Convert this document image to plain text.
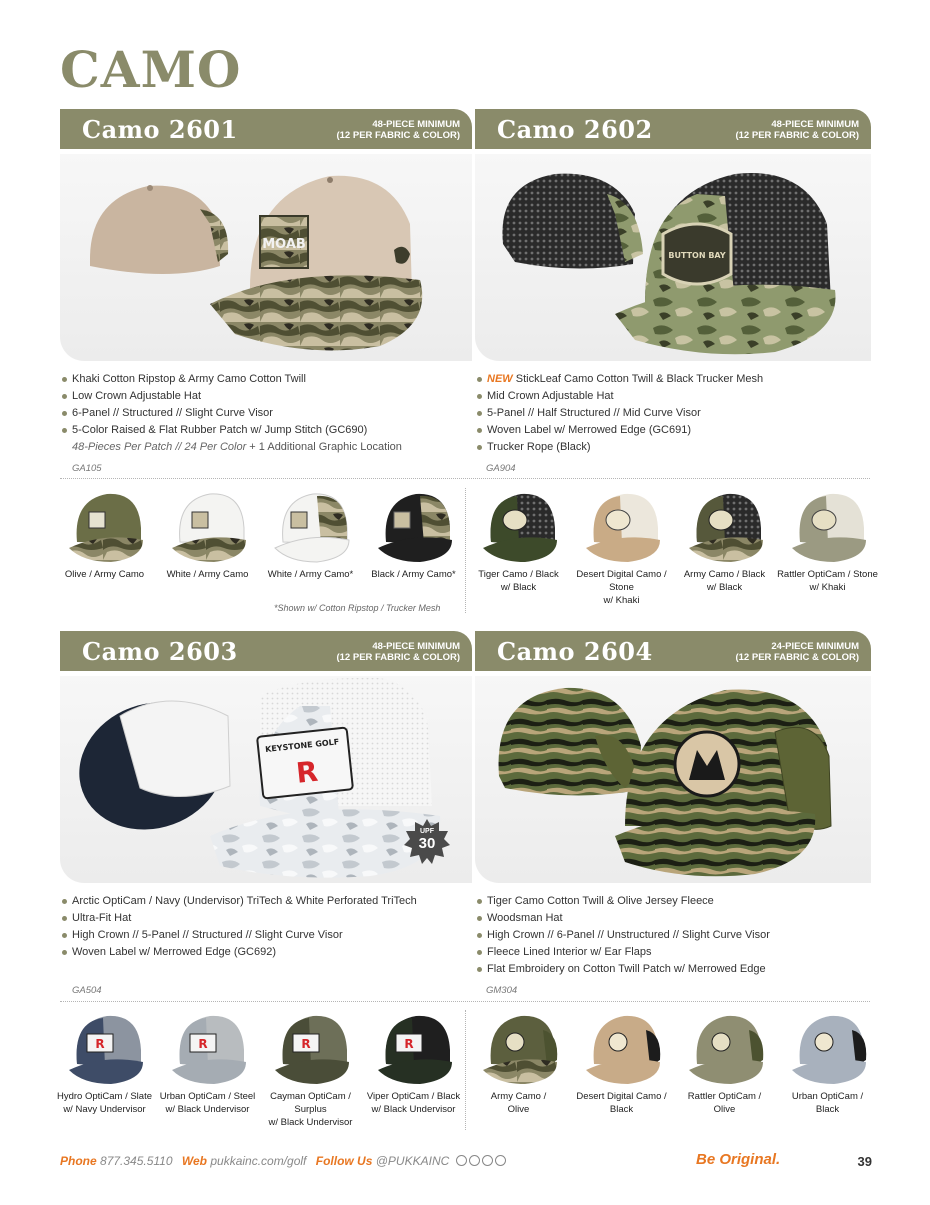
CAMO
Camo 2601	48-PIECE MINIMUM
(12 PER FABRIC & COLOR)
MOAB
Khaki Cotton Ripstop & Army Camo Cotton Twill
Low Crown Adjustable Hat
6-Panel // Structured // Slight Curve Visor
5-Color Raised & Flat Rubber Patch w/ Jump Stitch (GC690)
48-Pieces Per Patch // 24 Per Color + 1 Additional Graphic Location
GA105
Camo 2602	48-PIECE MINIMUM
(12 PER FABRIC & COLOR)
BUTTON BAY
NEW StickLeaf Camo Cotton Twill & Black Trucker Mesh
Mid Crown Adjustable Hat
5-Panel // Half Structured // Mid Curve Visor
Woven Label w/ Merrowed Edge (GC691)
Trucker Rope (Black)
GA904
Olive / Army Camo	White / Army Camo	White / Army Camo*	Black / Army Camo*
*Shown w/ Cotton Ripstop / Trucker Mesh
Tiger Camo / Black
w/ Black
Desert Digital Camo / Stone
w/ Khaki
Army Camo / Black
w/ Black
Rattler OptiCam / Stone
w/ Khaki
Camo 2603	48-PIECE MINIMUM
(12 PER FABRIC & COLOR)
KEYSTONE GOLF
R
UPF
30
Arctic OptiCam / Navy (Undervisor) TriTech & White Perforated TriTech
Ultra-Fit Hat
High Crown // 5-Panel // Structured // Slight Curve Visor
Woven Label w/ Merrowed Edge (GC692)
GA504
Camo 2604	24-PIECE MINIMUM
(12 PER FABRIC & COLOR)
Tiger Camo Cotton Twill & Olive Jersey Fleece
Woodsman Hat
High Crown // 6-Panel // Unstructured // Slight Curve Visor
Fleece Lined Interior w/ Ear Flaps
Flat Embroidery on Cotton Twill Patch w/ Merrowed Edge
GM304
R
Hydro OptiCam / Slate
w/ Navy Undervisor
R
Urban OptiCam / Steel
w/ Black Undervisor
R
Cayman OptiCam / Surplus
w/ Black Undervisor
R
Viper OptiCam / Black
w/ Black Undervisor
Army Camo /
Olive
Desert Digital Camo /
Black
Rattler OptiCam /
Olive
Urban OptiCam /
Black
Phone 877.345.5110 Web pukkainc.com/golf Follow Us @PUKKAINC	Be Original.	39
